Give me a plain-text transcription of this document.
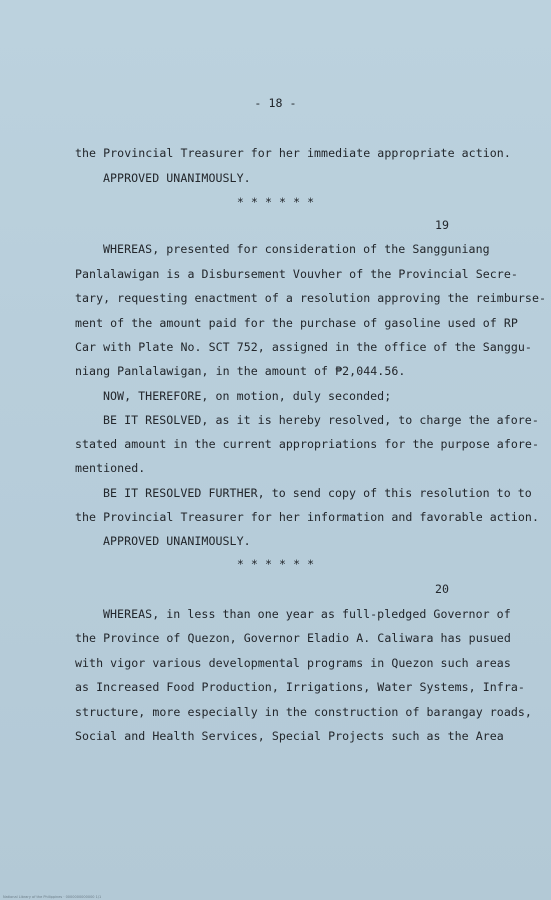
- 18 -
the Provincial Treasurer for her immediate appropriate action.
APPROVED UNANIMOUSLY.
* * * * * *
19
WHEREAS, presented for consideration of the Sangguniang
Panlalawigan is a Disbursement Vouvher of the Provincial Secre-
tary, requesting enactment of a resolution approving the reimburse-
ment of the amount paid for the purchase of gasoline used of RP
Car with Plate No. SCT 752, assigned in the office of the Sanggu-
niang Panlalawigan, in the amount of ₱2,044.56.
NOW, THEREFORE, on motion, duly seconded;
BE IT RESOLVED, as it is hereby resolved, to charge the afore-
stated amount in the current appropriations for the purpose afore-
mentioned.
BE IT RESOLVED FURTHER, to send copy of this resolution to to
the Provincial Treasurer for her information and favorable action.
APPROVED UNANIMOUSLY.
* * * * * *
20
WHEREAS, in less than one year as full-pledged Governor of
the Province of Quezon, Governor Eladio A. Caliwara has pusued
with vigor various developmental programs in Quezon such areas
as Increased Food Production, Irrigations, Water Systems, Infra-
structure, more especially in the construction of barangay roads,
Social and Health Services, Special Projects such as the Area
National Library of the Philippines · 0000000000000 1/1
